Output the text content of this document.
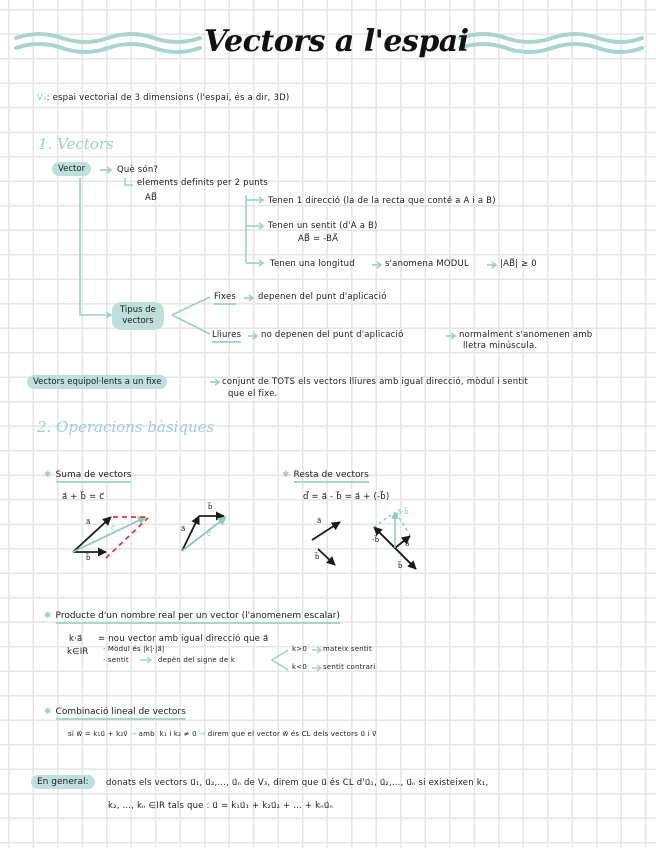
Vectors a l'espai
V₃: espai vectorial de 3 dimensions (l'espai, és a dir, 3D)
1. Vectors
Vector	Què són?
elements definits per 2 punts
AB⃗	Tenen 1 direcció (la de la recta que conté a A i a B)
Tenen un sentit (d'A a B)
AB⃗ = -BA⃗
Tenen una longitud	s'anomena MODUL	|AB⃗| ≥ 0
Tipus de
vectors
Fixes	depenen del punt d'aplicació
Lliures no depenen del punt d'aplicació	normalment s'anomenen amb
lletra minúscula.
Vectors equipol·lents a un fixe	conjunt de TOTS els vectors lliures amb igual direcció, mòdul i sentit
que el fixe.
2. Operacions bàsiques
✱ Suma de vectors
a⃗ + b⃗ = c⃗
a⃗
b⃗
c⃗	a⃗
b⃗
c⃗
✱ Resta de vectors
d⃗ = a⃗ - b⃗ = a⃗ + (-b⃗)
a⃗
b⃗
-b⃗	a⃗
b⃗
a⃗-b⃗
✱ Producte d'un nombre real per un vector (l'anomenem escalar)
k·a⃗ = nou vector amb igual direcció que a⃗
k∈IR · Mòdul és |k|·|a⃗|
· sentit	depèn del signe de k
k>0 mateix sentit
k<0 sentit contrari
✱ Combinació lineal de vectors
si w⃗ = k₁u⃗ + k₂v⃗ → amb k₁ i k₂ ≠ 0 → direm que el vector w⃗ és CL dels vectors u⃗ i v⃗
En general:	donats els vectors u⃗₁, u⃗₂,…, u⃗ₙ de V₃, direm que u⃗ és CL d'u⃗₁, u⃗₂,…, u⃗ₙ si existeixen k₁,
k₂, …, kₙ ∈IR tals que : u⃗ = k₁u⃗₁ + k₂u⃗₂ + … + kₙu⃗ₙ
